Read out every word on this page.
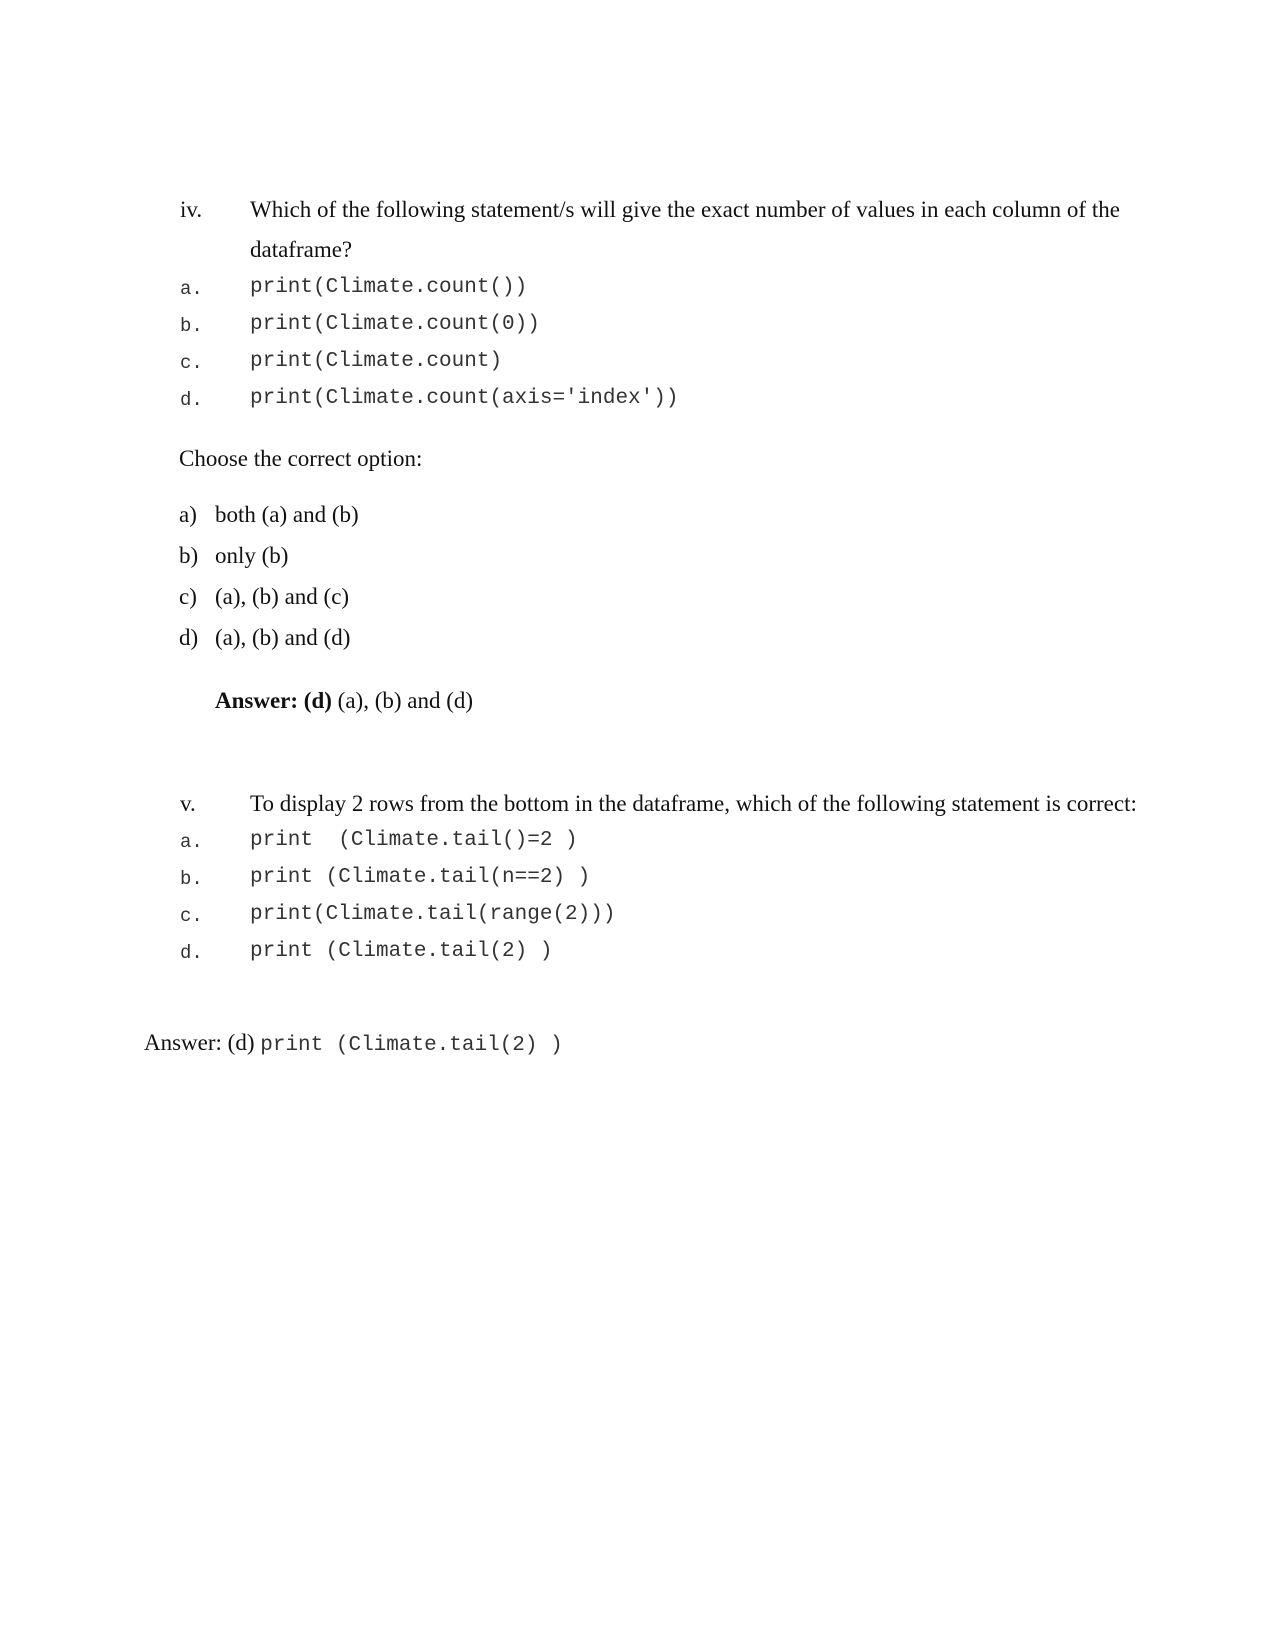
iv. Which of the following statement/s will give the exact number of values in each column of the
dataframe?
a. print(Climate.count())
b. print(Climate.count(0))
c. print(Climate.count)
d. print(Climate.count(axis='index'))
Choose the correct option:
a) both (a) and (b)
b) only (b)
c) (a), (b) and (c)
d) (a), (b) and (d)
Answer: (d) (a), (b) and (d)
v. To display 2 rows from the bottom in the dataframe, which of the following statement is correct:
a. print  (Climate.tail()=2 )
b. print (Climate.tail(n==2) )
c. print(Climate.tail(range(2)))
d. print (Climate.tail(2) )
Answer: (d) print (Climate.tail(2) )
